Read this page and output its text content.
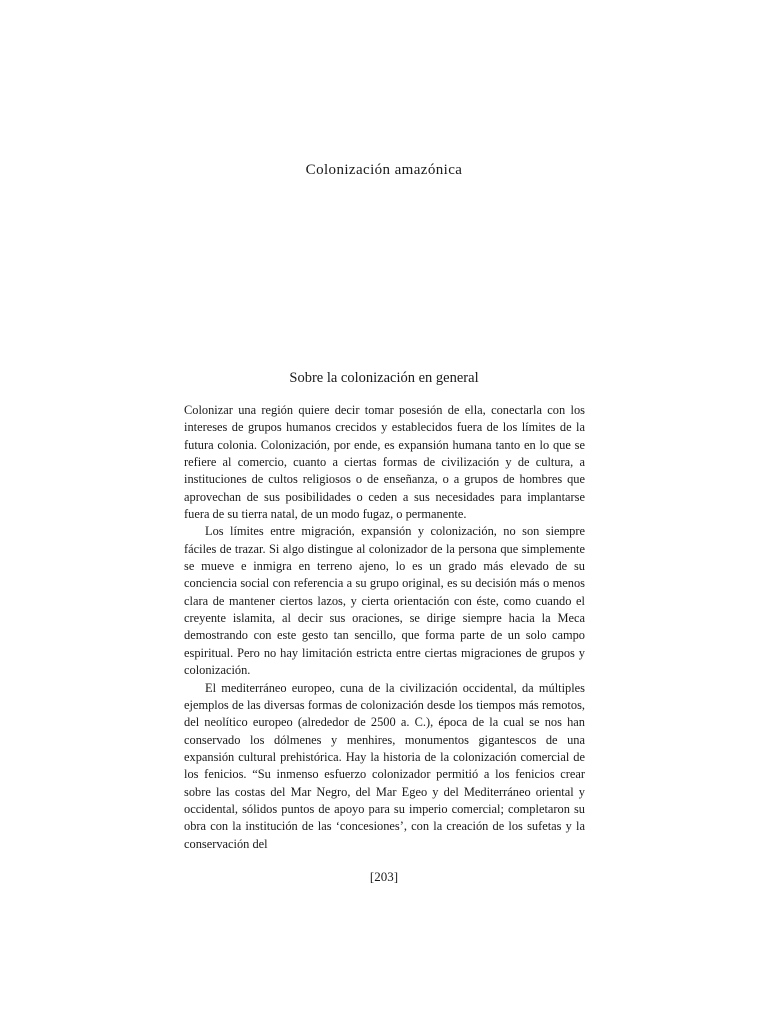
Colonización amazónica
Sobre la colonización en general

Colonizar una región quiere decir tomar posesión de ella, conectarla con los intereses de grupos humanos crecidos y establecidos fuera de los límites de la futura colonia. Colonización, por ende, es expansión humana tanto en lo que se refiere al comercio, cuanto a ciertas formas de civilización y de cultura, a instituciones de cultos religiosos o de enseñanza, o a grupos de hombres que aprovechan de sus posibilidades o ceden a sus necesidades para implantarse fuera de su tierra natal, de un modo fugaz, o permanente.

Los límites entre migración, expansión y colonización, no son siempre fáciles de trazar. Si algo distingue al colonizador de la persona que simplemente se mueve e inmigra en terreno ajeno, lo es un grado más elevado de su conciencia social con referencia a su grupo original, es su decisión más o menos clara de mantener ciertos lazos, y cierta orientación con éste, como cuando el creyente islamita, al decir sus oraciones, se dirige siempre hacia la Meca demostrando con este gesto tan sencillo, que forma parte de un solo campo espiritual. Pero no hay limitación estricta entre ciertas migraciones de grupos y colonización.

El mediterráneo europeo, cuna de la civilización occidental, da múltiples ejemplos de las diversas formas de colonización desde los tiempos más remotos, del neolítico europeo (alrededor de 2500 a. C.), época de la cual se nos han conservado los dólmenes y menhires, monumentos gigantescos de una expansión cultural prehistórica. Hay la historia de la colonización comercial de los fenicios. “Su inmenso esfuerzo colonizador permitió a los fenicios crear sobre las costas del Mar Negro, del Mar Egeo y del Mediterráneo oriental y occidental, sólidos puntos de apoyo para su imperio comercial; completaron su obra con la institución de las ‘concesiones’, con la creación de los sufetas y la conservación del

[203]
